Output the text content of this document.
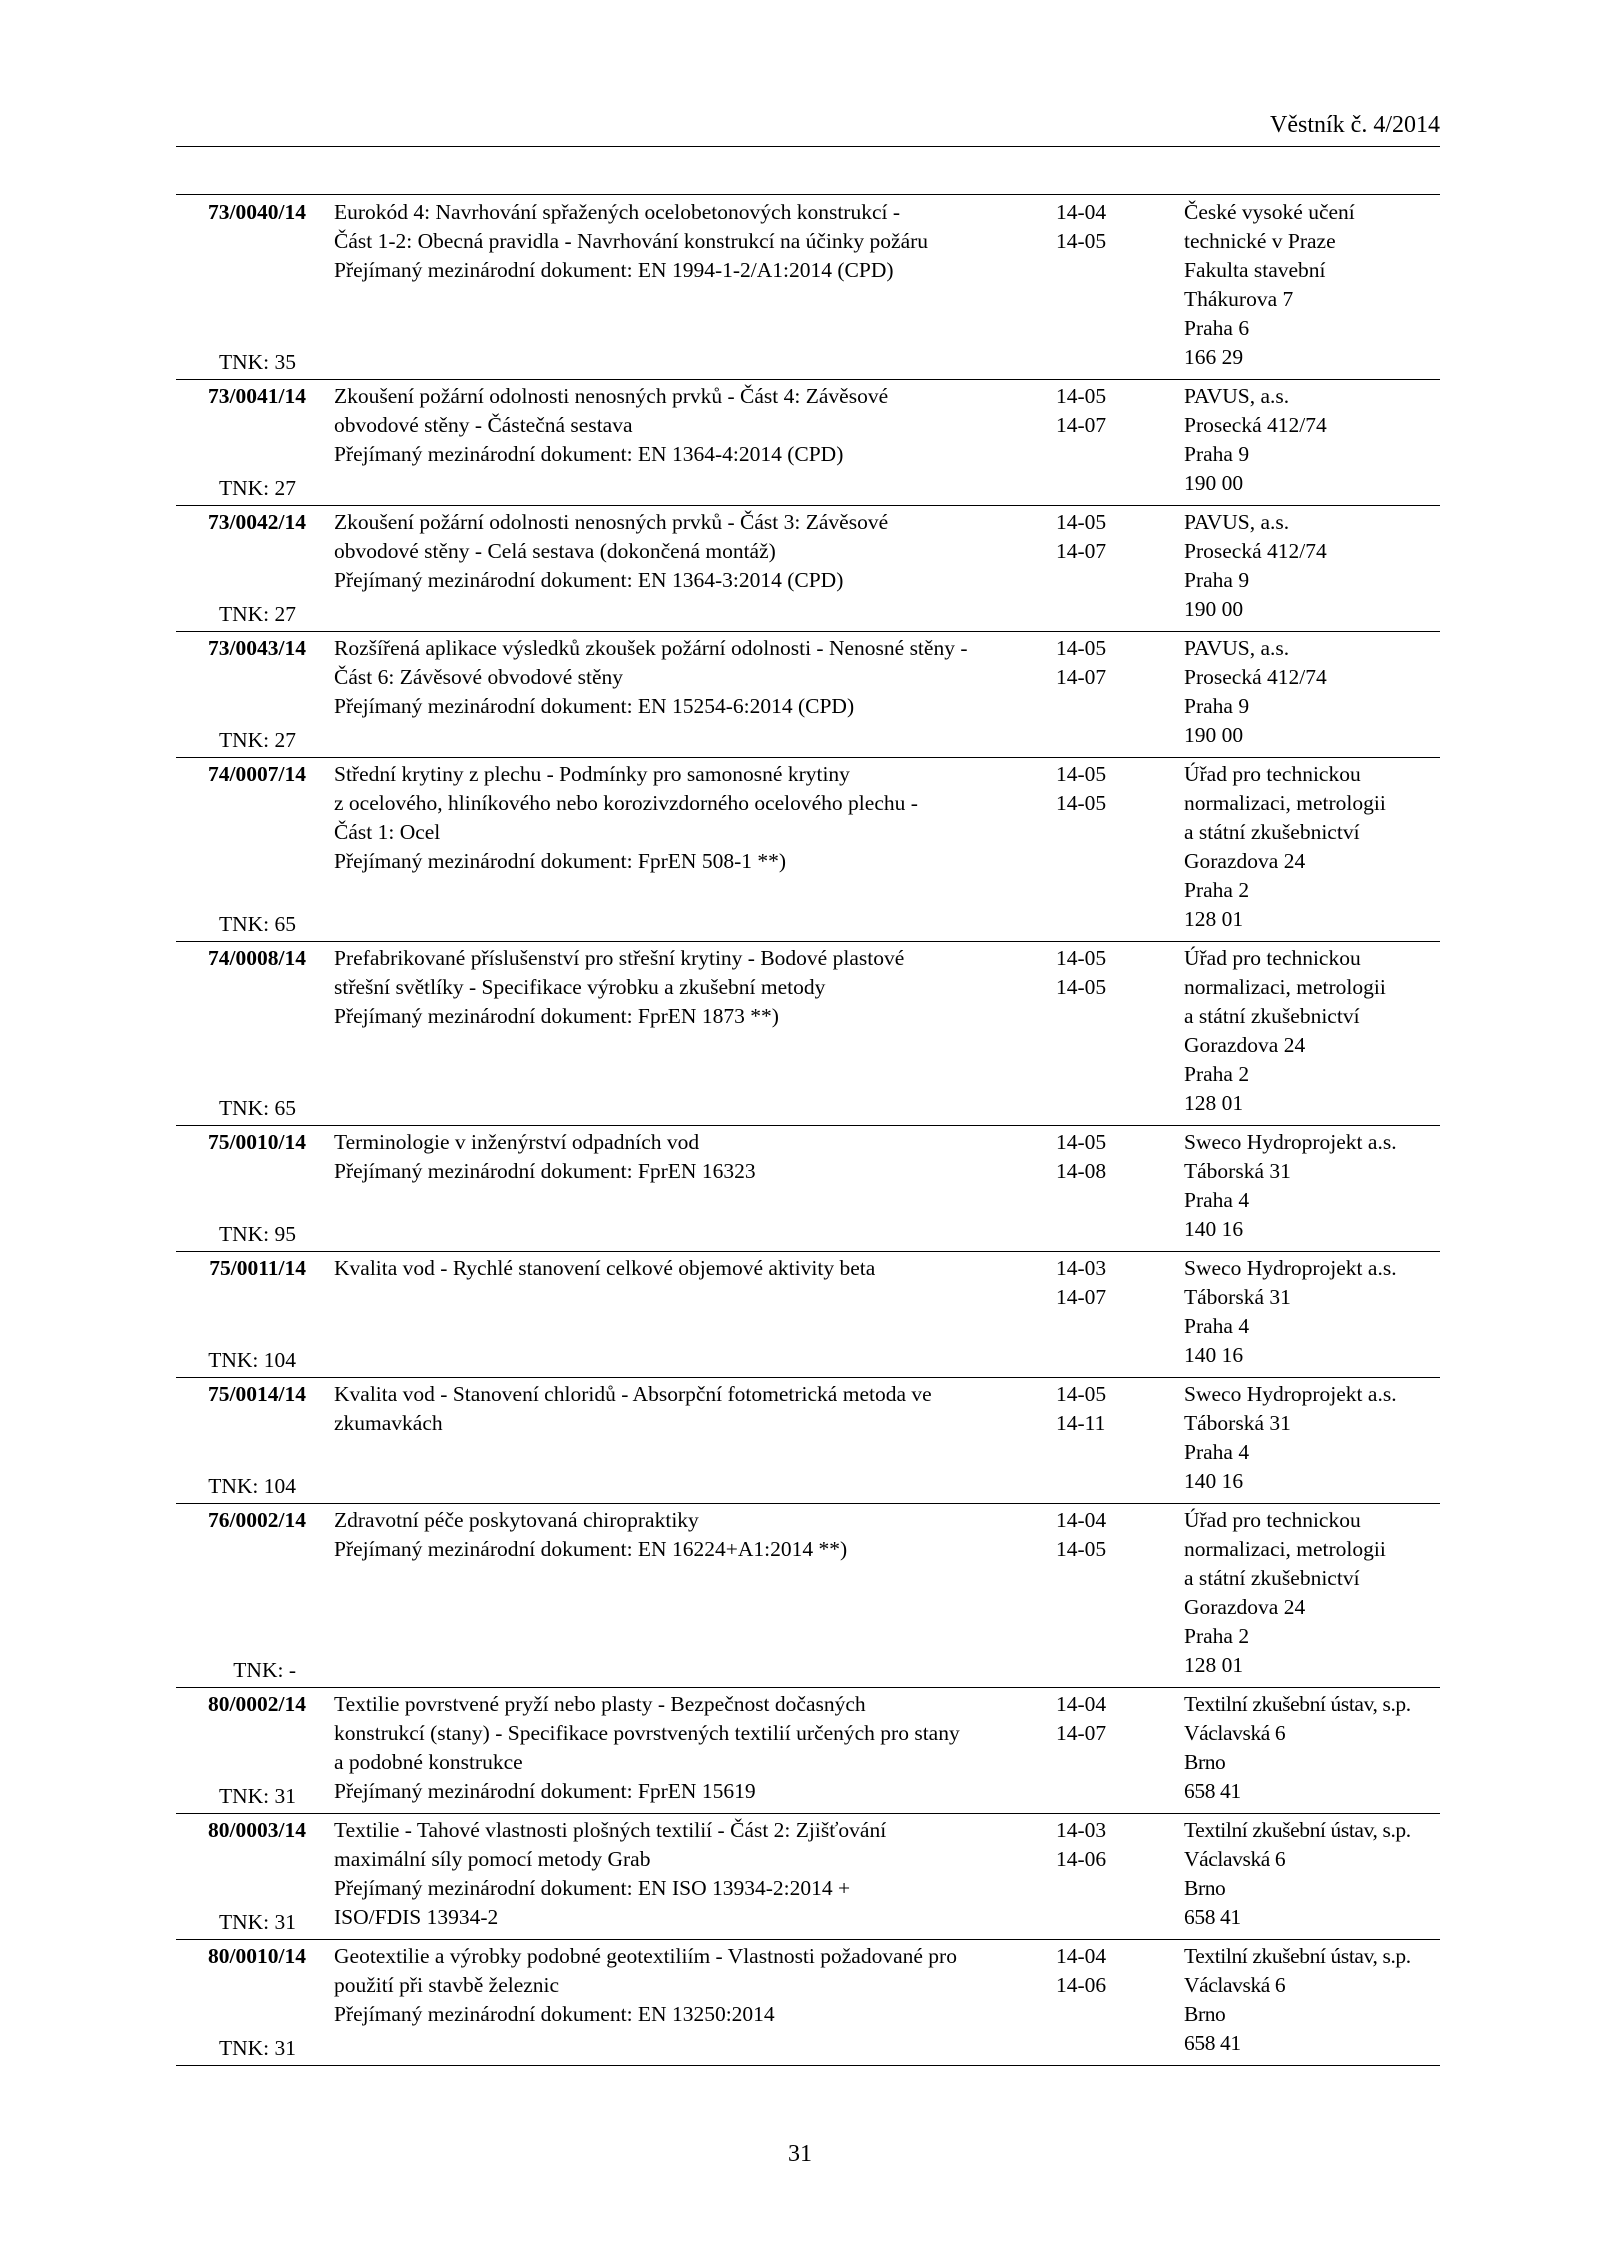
Věstník č. 4/2014
73/0040/14
TNK: 35
Eurokód 4: Navrhování spřažených ocelobetonových konstrukcí -
Část 1-2: Obecná pravidla - Navrhování konstrukcí na účinky požáru
Přejímaný mezinárodní dokument: EN 1994-1-2/A1:2014 (CPD)
14-04
14-05
České vysoké učení
technické v Praze
Fakulta stavební
Thákurova 7
Praha 6
166 29
73/0041/14
TNK: 27
Zkoušení požární odolnosti nenosných prvků - Část 4: Závěsové
obvodové stěny - Částečná sestava
Přejímaný mezinárodní dokument: EN 1364-4:2014 (CPD)
14-05
14-07
PAVUS, a.s.
Prosecká 412/74
Praha 9
190 00
73/0042/14
TNK: 27
Zkoušení požární odolnosti nenosných prvků - Část 3: Závěsové
obvodové stěny - Celá sestava (dokončená montáž)
Přejímaný mezinárodní dokument: EN 1364-3:2014 (CPD)
14-05
14-07
PAVUS, a.s.
Prosecká 412/74
Praha 9
190 00
73/0043/14
TNK: 27
Rozšířená aplikace výsledků zkoušek požární odolnosti - Nenosné stěny -
Část 6: Závěsové obvodové stěny
Přejímaný mezinárodní dokument: EN 15254-6:2014 (CPD)
14-05
14-07
PAVUS, a.s.
Prosecká 412/74
Praha 9
190 00
74/0007/14
TNK: 65
Střední krytiny z plechu - Podmínky pro samonosné krytiny
z ocelového, hliníkového nebo korozivzdorného ocelového plechu -
Část 1: Ocel
Přejímaný mezinárodní dokument: FprEN 508-1 **)
14-05
14-05
Úřad pro technickou
normalizaci, metrologii
a státní zkušebnictví
Gorazdova 24
Praha 2
128 01
74/0008/14
TNK: 65
Prefabrikované příslušenství pro střešní krytiny - Bodové plastové
střešní světlíky - Specifikace výrobku a zkušební metody
Přejímaný mezinárodní dokument: FprEN 1873 **)
14-05
14-05
Úřad pro technickou
normalizaci, metrologii
a státní zkušebnictví
Gorazdova 24
Praha 2
128 01
75/0010/14
TNK: 95
Terminologie v inženýrství odpadních vod
Přejímaný mezinárodní dokument: FprEN 16323
14-05
14-08
Sweco Hydroprojekt a.s.
Táborská 31
Praha 4
140 16
75/0011/14
TNK: 104
Kvalita vod - Rychlé stanovení celkové objemové aktivity beta	14-03
14-07
Sweco Hydroprojekt a.s.
Táborská 31
Praha 4
140 16
75/0014/14
TNK: 104
Kvalita vod - Stanovení chloridů - Absorpční fotometrická metoda ve
zkumavkách
14-05
14-11
Sweco Hydroprojekt a.s.
Táborská 31
Praha 4
140 16
76/0002/14
TNK: -
Zdravotní péče poskytovaná chiropraktiky
Přejímaný mezinárodní dokument: EN 16224+A1:2014 **)
14-04
14-05
Úřad pro technickou
normalizaci, metrologii
a státní zkušebnictví
Gorazdova 24
Praha 2
128 01
80/0002/14
TNK: 31
Textilie povrstvené pryží nebo plasty - Bezpečnost dočasných
konstrukcí (stany) - Specifikace povrstvených textilií určených pro stany
a podobné konstrukce
Přejímaný mezinárodní dokument: FprEN 15619
14-04
14-07
Textilní zkušební ústav, s.p.
Václavská 6
Brno
658 41
80/0003/14
TNK: 31
Textilie - Tahové vlastnosti plošných textilií - Část 2: Zjišťování
maximální síly pomocí metody Grab
Přejímaný mezinárodní dokument: EN ISO 13934-2:2014 +
ISO/FDIS 13934-2
14-03
14-06
Textilní zkušební ústav, s.p.
Václavská 6
Brno
658 41
80/0010/14
TNK: 31
Geotextilie a výrobky podobné geotextiliím - Vlastnosti požadované pro
použití při stavbě železnic
Přejímaný mezinárodní dokument: EN 13250:2014
14-04
14-06
Textilní zkušební ústav, s.p.
Václavská 6
Brno
658 41
31
